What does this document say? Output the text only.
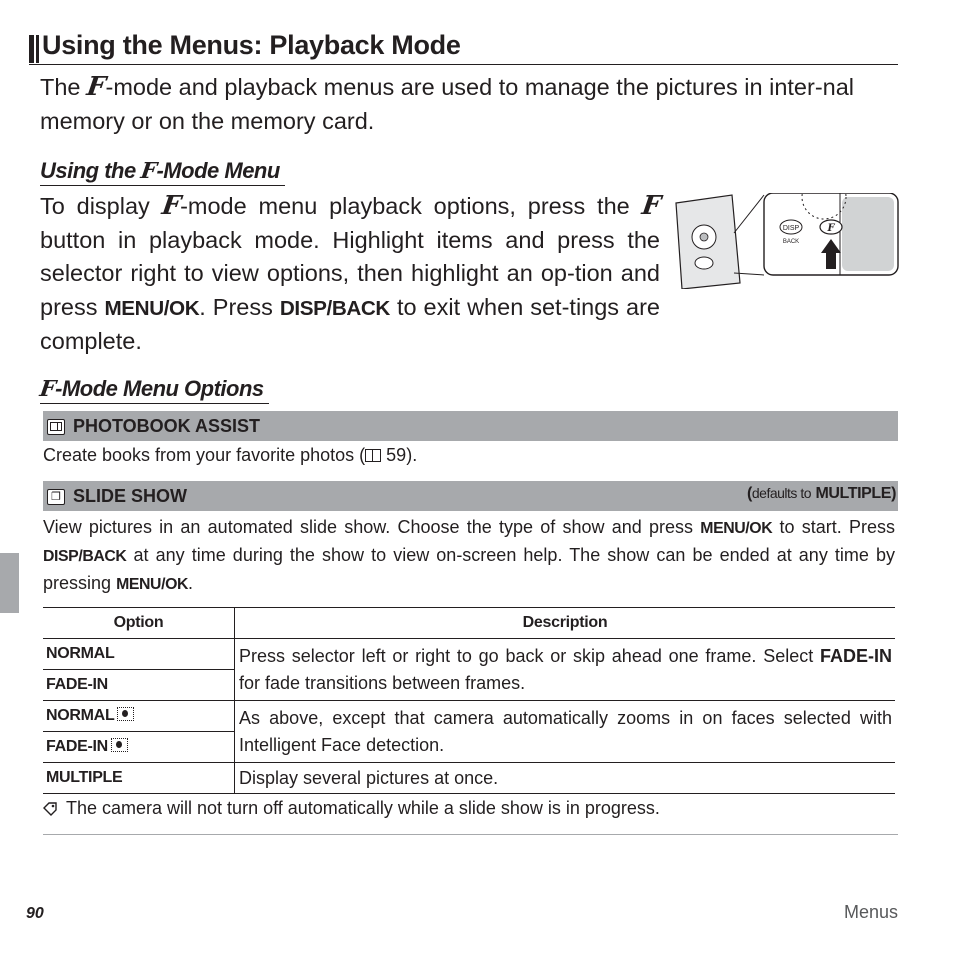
Using the Menus: Playback Mode
The F-mode and playback menus are used to manage the pictures in inter-nal memory or on the memory card.
Using the F-Mode Menu
To display F-mode menu playback options, press the F button in playback mode. Highlight items and press the selector right to view options, then highlight an op-tion and press MENU/OK. Press DISP/BACK to exit when set-tings are complete.
DISP
BACK
F
F-Mode Menu Options
PHOTOBOOK ASSIST
Create books from your favorite photos ( 59).
❐ SLIDE SHOW	(defaults to MULTIPLE)
View pictures in an automated slide show. Choose the type of show and press MENU/OK to start. Press DISP/BACK at any time during the show to view on-screen help. The show can be ended at any time by pressing MENU/OK.
Option	Description
NORMAL	Press selector left or right to go back or skip ahead one frame. Select FADE-IN for fade transitions between frames.
FADE-IN	
NORMAL	As above, except that camera automatically zooms in on faces selected with Intelligent Face detection.
FADE-IN	
MULTIPLE	Display several pictures at once.
The camera will not turn off automatically while a slide show is in progress.
90	Menus
